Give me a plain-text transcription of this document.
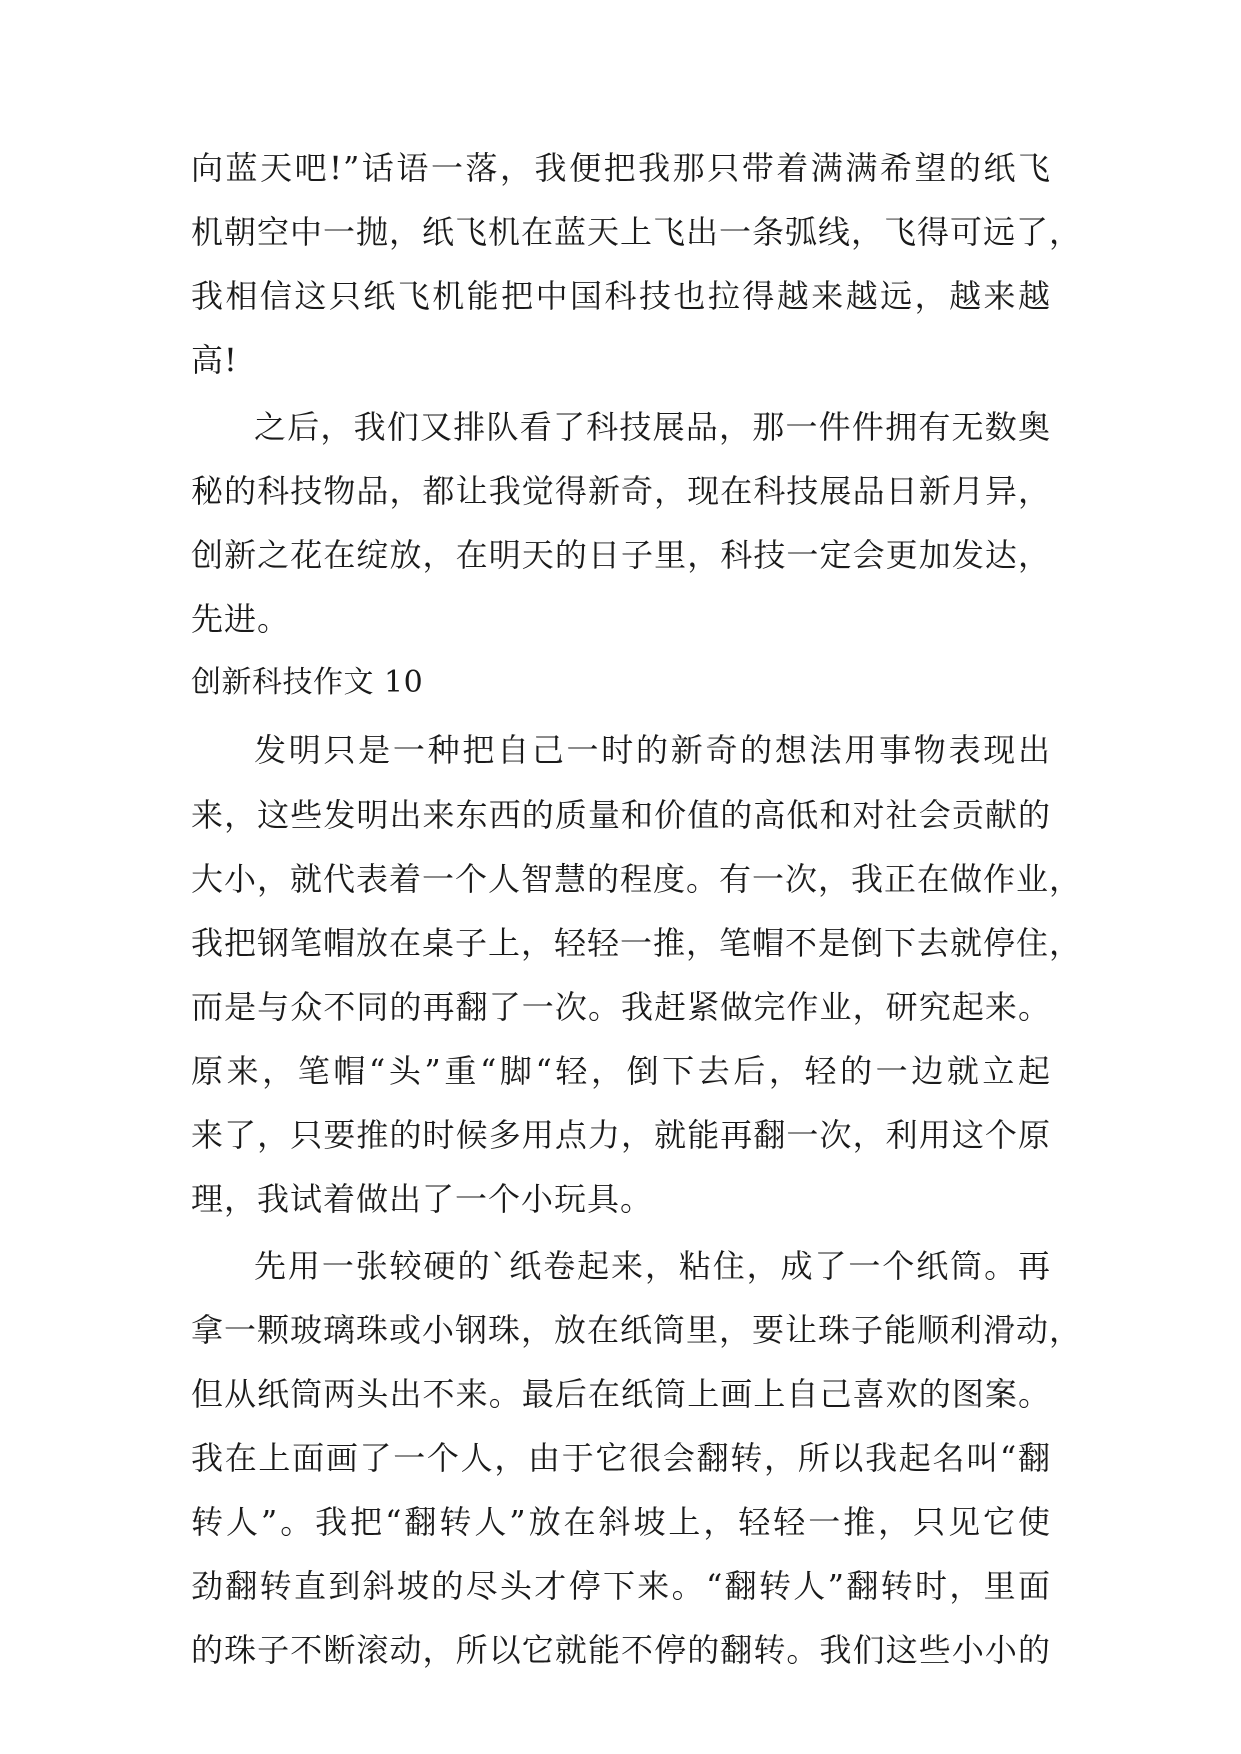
向蓝天吧!”话语一落，我便把我那只带着满满希望的纸飞
机朝空中一抛，纸飞机在蓝天上飞出一条弧线，飞得可远了，
我相信这只纸飞机能把中国科技也拉得越来越远，越来越
高!
之后，我们又排队看了科技展品，那一件件拥有无数奥
秘的科技物品，都让我觉得新奇，现在科技展品日新月异，
创新之花在绽放，在明天的日子里，科技一定会更加发达，
先进。
创新科技作文 10
发明只是一种把自己一时的新奇的想法用事物表现出
来，这些发明出来东西的质量和价值的高低和对社会贡献的
大小，就代表着一个人智慧的程度。有一次，我正在做作业，
我把钢笔帽放在桌子上，轻轻一推，笔帽不是倒下去就停住，
而是与众不同的再翻了一次。我赶紧做完作业，研究起来。
原来，笔帽“头”重“脚“轻，倒下去后，轻的一边就立起
来了，只要推的时候多用点力，就能再翻一次，利用这个原
理，我试着做出了一个小玩具。
先用一张较硬的`纸卷起来，粘住，成了一个纸筒。再
拿一颗玻璃珠或小钢珠，放在纸筒里，要让珠子能顺利滑动，
但从纸筒两头出不来。最后在纸筒上画上自己喜欢的图案。
我在上面画了一个人，由于它很会翻转，所以我起名叫“翻
转人”。我把“翻转人”放在斜坡上，轻轻一推，只见它使
劲翻转直到斜坡的尽头才停下来。“翻转人”翻转时，里面
的珠子不断滚动，所以它就能不停的翻转。我们这些小小的
